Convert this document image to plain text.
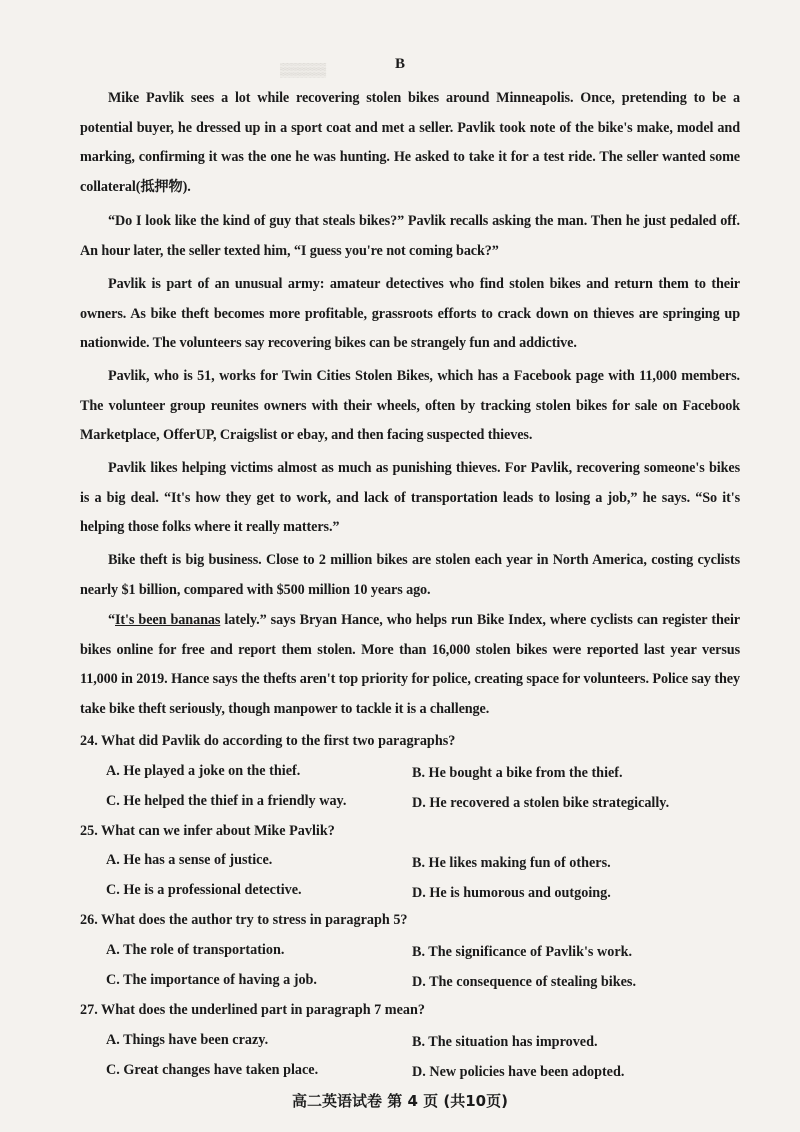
▒▒▒▒▒	B
Mike Pavlik sees a lot while recovering stolen bikes around Minneapolis. Once, pretending to be a potential buyer, he dressed up in a sport coat and met a seller. Pavlik took note of the bike's make, model and marking, confirming it was the one he was hunting. He asked to take it for a test ride. The seller wanted some collateral(抵押物).
“Do I look like the kind of guy that steals bikes?” Pavlik recalls asking the man. Then he just pedaled off. An hour later, the seller texted him, “I guess you're not coming back?”
Pavlik is part of an unusual army: amateur detectives who find stolen bikes and return them to their owners. As bike theft becomes more profitable, grassroots efforts to crack down on thieves are springing up nationwide. The volunteers say recovering bikes can be strangely fun and addictive.
Pavlik, who is 51, works for Twin Cities Stolen Bikes, which has a Facebook page with 11,000 members. The volunteer group reunites owners with their wheels, often by tracking stolen bikes for sale on Facebook Marketplace, OfferUP, Craigslist or ebay, and then facing suspected thieves.
Pavlik likes helping victims almost as much as punishing thieves. For Pavlik, recovering someone's bikes is a big deal. “It's how they get to work, and lack of transportation leads to losing a job,” he says. “So it's helping those folks where it really matters.”
Bike theft is big business. Close to 2 million bikes are stolen each year in North America, costing cyclists nearly $1 billion, compared with $500 million 10 years ago.
“It's been bananas lately.” says Bryan Hance, who helps run Bike Index, where cyclists can register their bikes online for free and report them stolen. More than 16,000 stolen bikes were reported last year versus 11,000 in 2019. Hance says the thefts aren't top priority for police, creating space for volunteers. Police say they take bike theft seriously, though manpower to tackle it is a challenge.
24. What did Pavlik do according to the first two paragraphs?
A. He played a joke on the thief.	B. He bought a bike from the thief.
C. He helped the thief in a friendly way.	D. He recovered a stolen bike strategically.
25. What can we infer about Mike Pavlik?
A. He has a sense of justice.	B. He likes making fun of others.
C. He is a professional detective.	D. He is humorous and outgoing.
26. What does the author try to stress in paragraph 5?
A. The role of transportation.	B. The significance of Pavlik's work.
C. The importance of having a job.	D. The consequence of stealing bikes.
27. What does the underlined part in paragraph 7 mean?
A. Things have been crazy.	B. The situation has improved.
C. Great changes have taken place.	D. New policies have been adopted.
高二英语试卷 第 4 页 (共10页)
